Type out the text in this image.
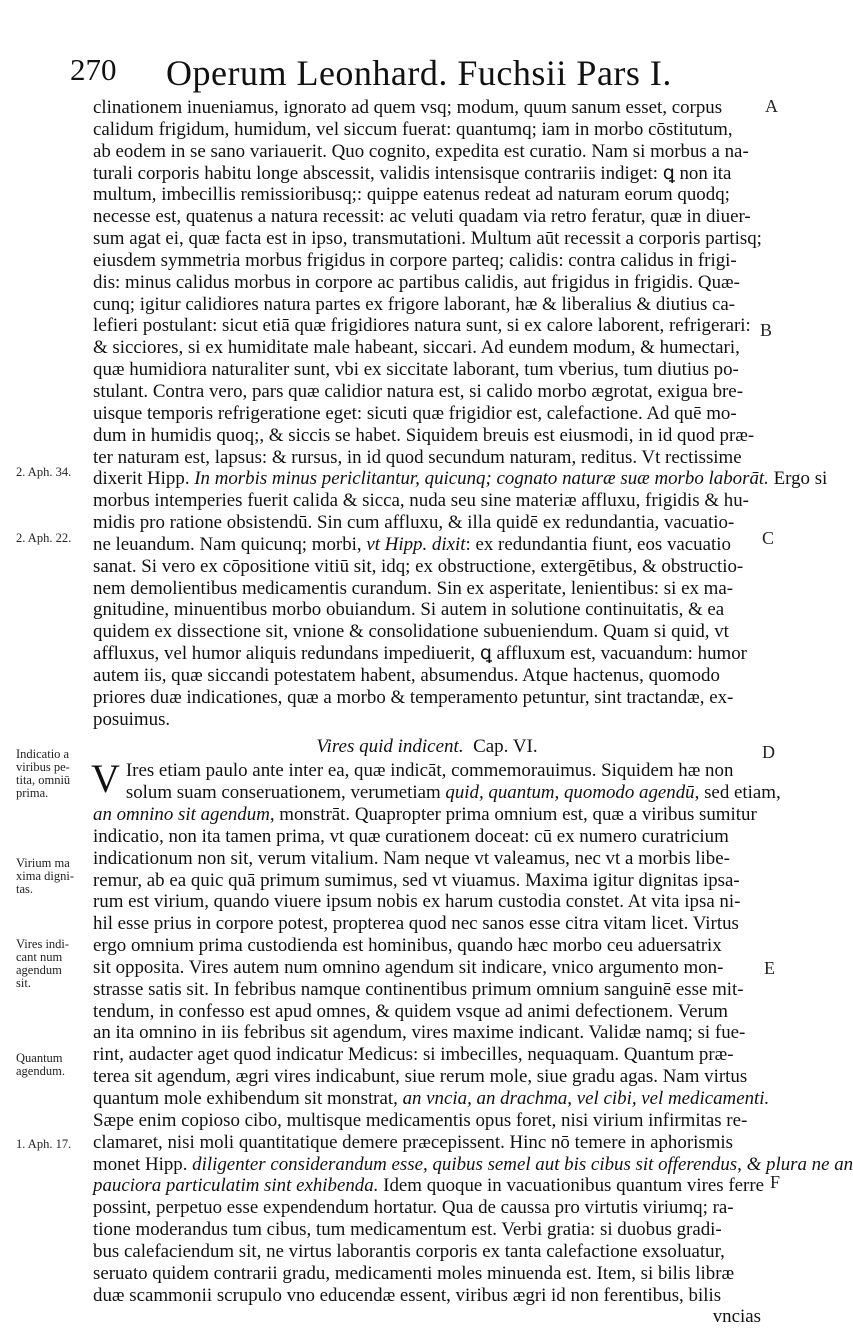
270 Operum Leonhard. Fuchsii Pars I.
clinationem inueniamus, ignorato ad quem vsq; modum, quum sanum esset, corpus
calidum frigidum, humidum, vel siccum fuerat: quantumq; iam in morbo cōstitutum,
ab eodem in se sano variauerit. Quo cognito, expedita est curatio. Nam si morbus a na-
turali corporis habitu longe abscessit, validis intensisque contrariis indiget: ꝗ non ita
multum, imbecillis remissioribusq;: quippe eatenus redeat ad naturam eorum quodq;
necesse est, quatenus a natura recessit: ac veluti quadam via retro feratur, quæ in diuer-
sum agat ei, quæ facta est in ipso, transmutationi. Multum aūt recessit a corporis partisq;
eiusdem symmetria morbus frigidus in corpore parteq; calidis: contra calidus in frigi-
dis: minus calidus morbus in corpore ac partibus calidis, aut frigidus in frigidis. Quæ-
cunq; igitur calidiores natura partes ex frigore laborant, hæ & liberalius & diutius ca-
lefieri postulant: sicut etiā quæ frigidiores natura sunt, si ex calore laborent, refrigerari:
& sicciores, si ex humiditate male habeant, siccari. Ad eundem modum, & humectari,
quæ humidiora naturaliter sunt, vbi ex siccitate laborant, tum vberius, tum diutius po-
stulant. Contra vero, pars quæ calidior natura est, si calido morbo ægrotat, exigua bre-
uisque temporis refrigeratione eget: sicuti quæ frigidior est, calefactione. Ad quē mo-
dum in humidis quoq;, & siccis se habet. Siquidem breuis est eiusmodi, in id quod præ-
ter naturam est, lapsus: & rursus, in id quod secundum naturam, reditus. Vt rectissime
dixerit Hipp. In morbis minus periclitantur, quicunq; cognato naturæ suæ morbo laborāt. Ergo si
morbus intemperies fuerit calida & sicca, nuda seu sine materiæ affluxu, frigidis & hu-
midis pro ratione obsistendū. Sin cum affluxu, & illa quidē ex redundantia, vacuatio-
ne leuandum. Nam quicunq; morbi, vt Hipp. dixit: ex redundantia fiunt, eos vacuatio
sanat. Si vero ex cōpositione vitiū sit, idq; ex obstructione, extergētibus, & obstructio-
nem demolientibus medicamentis curandum. Sin ex asperitate, lenientibus: si ex ma-
gnitudine, minuentibus morbo obuiandum. Si autem in solutione continuitatis, & ea
quidem ex dissectione sit, vnione & consolidatione subueniendum. Quam si quid, vt
affluxus, vel humor aliquis redundans impediuerit, ꝗ affluxum est, vacuandum: humor
autem iis, quæ siccandi potestatem habent, absumendus. Atque hactenus, quomodo
priores duæ indicationes, quæ a morbo & temperamento petuntur, sint tractandæ, ex-
posuimus.
Vires quid indicent. Cap. VI.
V Ires etiam paulo ante inter ea, quæ indicāt, commemorauimus. Siquidem hæ non
solum suam conseruationem, verumetiam quid, quantum, quomodo agendū, sed etiam,
an omnino sit agendum, monstrāt. Quapropter prima omnium est, quæ a viribus sumitur
indicatio, non ita tamen prima, vt quæ curationem doceat: cū ex numero curatricium
indicationum non sit, verum vitalium. Nam neque vt valeamus, nec vt a morbis libe-
remur, ab ea quic quā primum sumimus, sed vt viuamus. Maxima igitur dignitas ipsa-
rum est virium, quando viuere ipsum nobis ex harum custodia constet. At vita ipsa ni-
hil esse prius in corpore potest, propterea quod nec sanos esse citra vitam licet. Virtus
ergo omnium prima custodienda est hominibus, quando hæc morbo ceu aduersatrix
sit opposita. Vires autem num omnino agendum sit indicare, vnico argumento mon-
strasse satis sit. In febribus namque continentibus primum omnium sanguinē esse mit-
tendum, in confesso est apud omnes, & quidem vsque ad animi defectionem. Verum
an ita omnino in iis febribus sit agendum, vires maxime indicant. Validæ namq; si fue-
rint, audacter aget quod indicatur Medicus: si imbecilles, nequaquam. Quantum præ-
terea sit agendum, ægri vires indicabunt, siue rerum mole, siue gradu agas. Nam virtus
quantum mole exhibendum sit monstrat, an vncia, an drachma, vel cibi, vel medicamenti.
Sæpe enim copioso cibo, multisque medicamentis opus foret, nisi virium infirmitas re-
clamaret, nisi moli quantitatique demere præcepissent. Hinc nō temere in aphorismis
monet Hipp. diligenter considerandum esse, quibus semel aut bis cibus sit offerendus, & plura ne an
pauciora particulatim sint exhibenda. Idem quoque in vacuationibus quantum vires ferre
possint, perpetuo esse expendendum hortatur. Qua de caussa pro virtutis viriumq; ra-
tione moderandus tum cibus, tum medicamentum est. Verbi gratia: si duobus gradi-
bus calefaciendum sit, ne virtus laborantis corporis ex tanta calefactione exsoluatur,
seruato quidem contrarii gradu, medicamenti moles minuenda est. Item, si bilis libræ
duæ scammonii scrupulo vno educendæ essent, viribus ægri id non ferentibus, bilis
vncias
2. Aph. 34.
2. Aph. 22.
Indicatio a
viribus pe-
tita, omniū
prima.
Virium ma
xima digni-
tas.
Vires indi-
cant num
agendum
sit.
Quantum
agendum.
1. Aph. 17.
A
B
C
D
E
F
